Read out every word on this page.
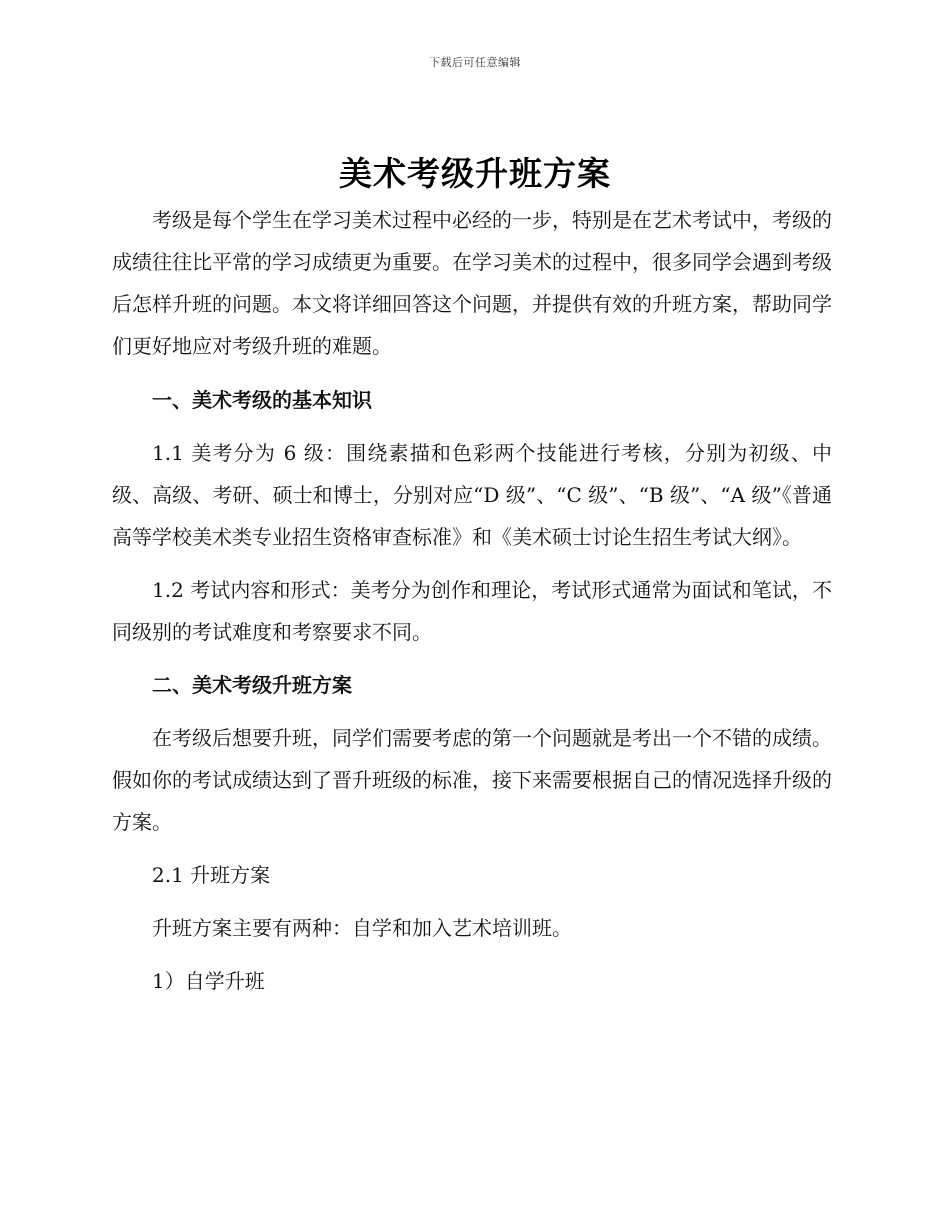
下载后可任意编辑
美术考级升班方案

考级是每个学生在学习美术过程中必经的一步，特别是在艺术考试中，考级的成绩往往比平常的学习成绩更为重要。在学习美术的过程中，很多同学会遇到考级后怎样升班的问题。本文将详细回答这个问题，并提供有效的升班方案，帮助同学们更好地应对考级升班的难题。

一、美术考级的基本知识

1.1 美考分为 6 级：围绕素描和色彩两个技能进行考核，分别为初级、中级、高级、考研、硕士和博士，分别对应“D 级”、“C 级”、“B 级”、“A 级”《普通高等学校美术类专业招生资格审查标准》和《美术硕士讨论生招生考试大纲》。

1.2 考试内容和形式：美考分为创作和理论，考试形式通常为面试和笔试，不同级别的考试难度和考察要求不同。

二、美术考级升班方案

在考级后想要升班，同学们需要考虑的第一个问题就是考出一个不错的成绩。假如你的考试成绩达到了晋升班级的标准，接下来需要根据自己的情况选择升级的方案。

2.1 升班方案

升班方案主要有两种：自学和加入艺术培训班。

1）自学升班
